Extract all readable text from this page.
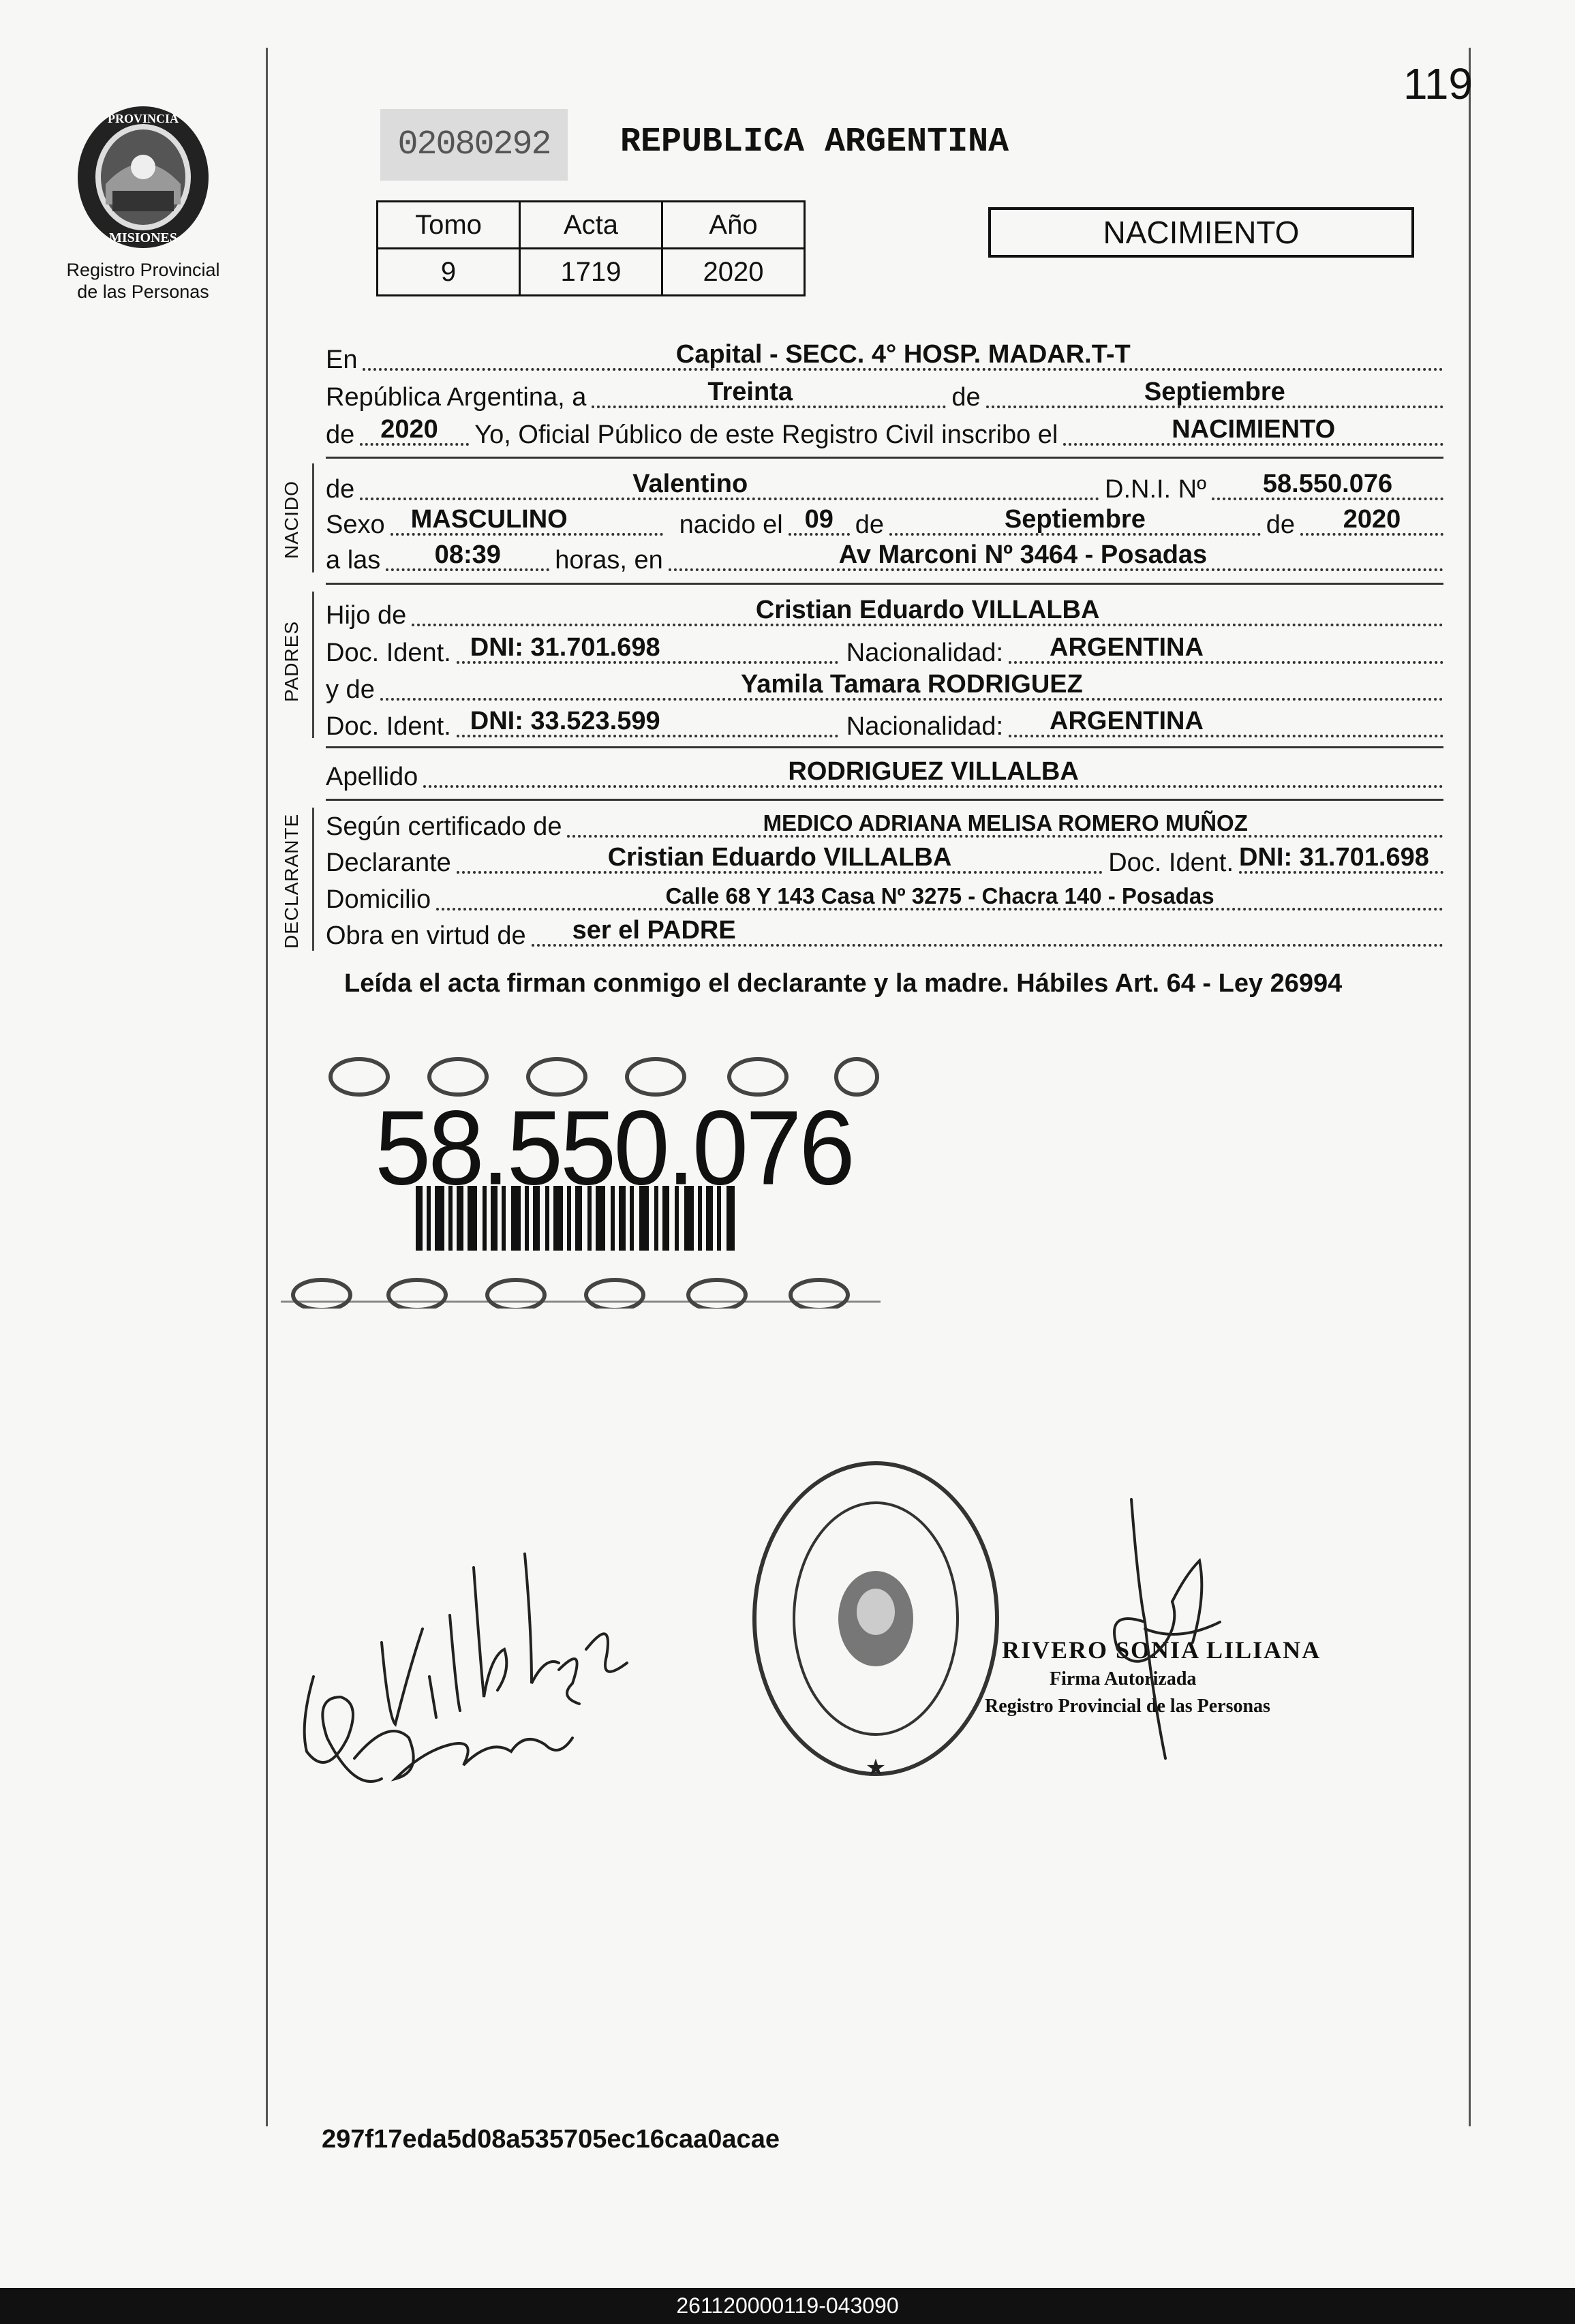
119
PROVINCIA
MISIONES
Registro Provincial
de las Personas
02080292	REPUBLICA ARGENTINA
Tomo	Acta	Año
9	1719	2020
NACIMIENTO
En	Capital - SECC. 4° HOSP. MADAR.T-T
República Argentina, a	Treinta	de	Septiembre
de 2020 Yo, Oficial Público de este Registro Civil inscribo el	NACIMIENTO
NACIDO de	Valentino	D.N.I. Nº 58.550.076
Sexo MASCULINO	nacido el 09 de	Septiembre	de 2020
a las 08:39 horas, en	Av Marconi Nº 3464 - Posadas
PADRES
Hijo de	Cristian Eduardo VILLALBA
Doc. Ident. DNI: 31.701.698	Nacionalidad: ARGENTINA
y de	Yamila Tamara RODRIGUEZ
Doc. Ident. DNI: 33.523.599	Nacionalidad: ARGENTINA
Apellido	RODRIGUEZ VILLALBA
DECLARANTE Según certificado de	MEDICO ADRIANA MELISA ROMERO MUÑOZ
Declarante	Cristian Eduardo VILLALBA	Doc. Ident. DNI: 31.701.698
Domicilio	Calle 68 Y 143 Casa Nº 3275 - Chacra 140 - Posadas
Obra en virtud de ser el PADRE
Leída el acta firman conmigo el declarante y la madre. Hábiles Art. 64 - Ley 26994
58.550.076
★
RIVERO SONIA LILIANA
Firma Autorizada
Registro Provincial de las Personas
297f17eda5d08a535705ec16caa0acae
261120000119-043090
